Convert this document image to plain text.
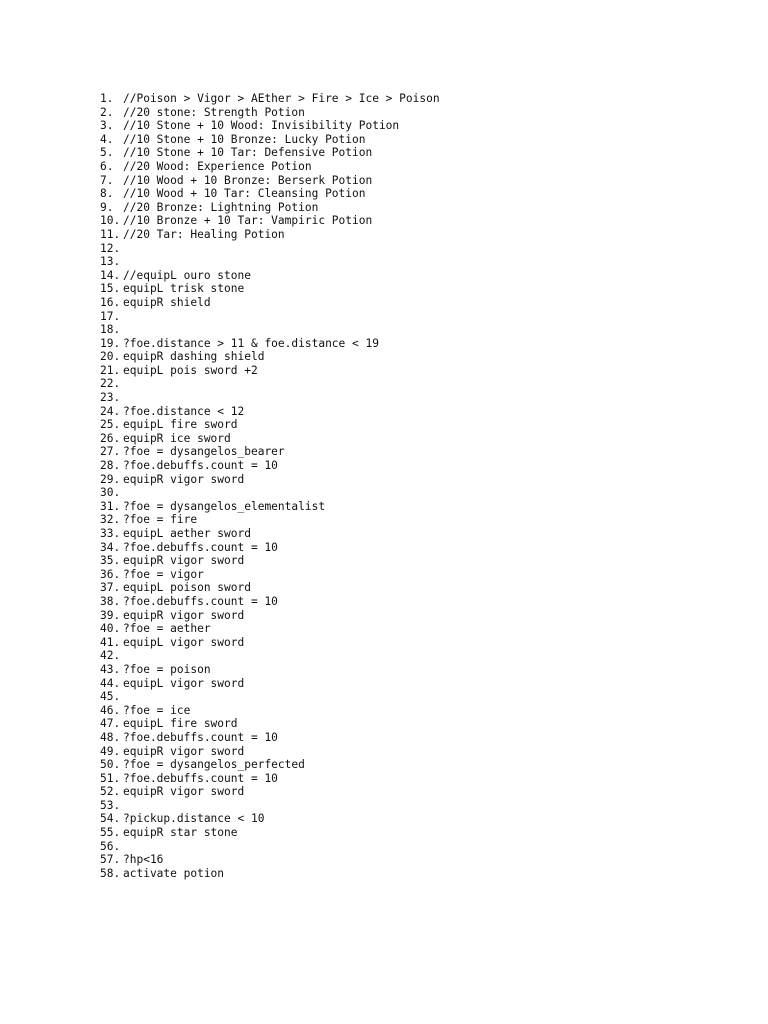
1. //Poison > Vigor > AEther > Fire > Ice > Poison
2. //20 stone: Strength Potion
3. //10 Stone + 10 Wood: Invisibility Potion
4. //10 Stone + 10 Bronze: Lucky Potion
5. //10 Stone + 10 Tar: Defensive Potion
6. //20 Wood: Experience Potion
7. //10 Wood + 10 Bronze: Berserk Potion
8. //10 Wood + 10 Tar: Cleansing Potion
9. //20 Bronze: Lightning Potion
10. //10 Bronze + 10 Tar: Vampiric Potion
11. //20 Tar: Healing Potion
12.
13.
14. //equipL ouro stone
15. equipL trisk stone
16. equipR shield
17.
18.
19. ?foe.distance > 11 & foe.distance < 19
20. equipR dashing shield
21. equipL pois sword +2
22.
23.
24. ?foe.distance < 12
25. equipL fire sword
26. equipR ice sword
27. ?foe = dysangelos_bearer
28. ?foe.debuffs.count = 10
29. equipR vigor sword
30.
31. ?foe = dysangelos_elementalist
32. ?foe = fire
33. equipL aether sword
34. ?foe.debuffs.count = 10
35. equipR vigor sword
36. ?foe = vigor
37. equipL poison sword
38. ?foe.debuffs.count = 10
39. equipR vigor sword
40. ?foe = aether
41. equipL vigor sword
42.
43. ?foe = poison
44. equipL vigor sword
45.
46. ?foe = ice
47. equipL fire sword
48. ?foe.debuffs.count = 10
49. equipR vigor sword
50. ?foe = dysangelos_perfected
51. ?foe.debuffs.count = 10
52. equipR vigor sword
53.
54. ?pickup.distance < 10
55. equipR star stone
56.
57. ?hp<16
58. activate potion
